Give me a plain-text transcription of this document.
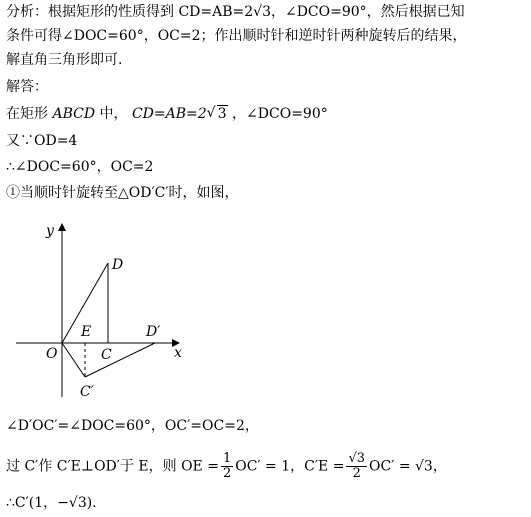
分析：根据矩形的性质得到 CD=AB=2√3，∠DCO=90°，然后根据已知
条件可得∠DOC=60°，OC=2；作出顺时针和逆时针两种旋转后的结果，
解直角三角形即可.
解答：
在矩形 ABCD 中， CD=AB=2√ 3 ，∠DCO=90°
又∵OD=4
∴∠DOC=60°，OC=2
①当顺时针旋转至△OD′C′时，如图，
y
x
O
D
E
C
D′
C′
∠D′OC′=∠DOC=60°，OC′=OC=2，
过 C′作 C′E⊥OD′于 E，则 OE = $\frac{1}{2} OC' = 1$，$C'E = \frac{√3}{2} OC' = √3$，
∴C′(1，−√3).
